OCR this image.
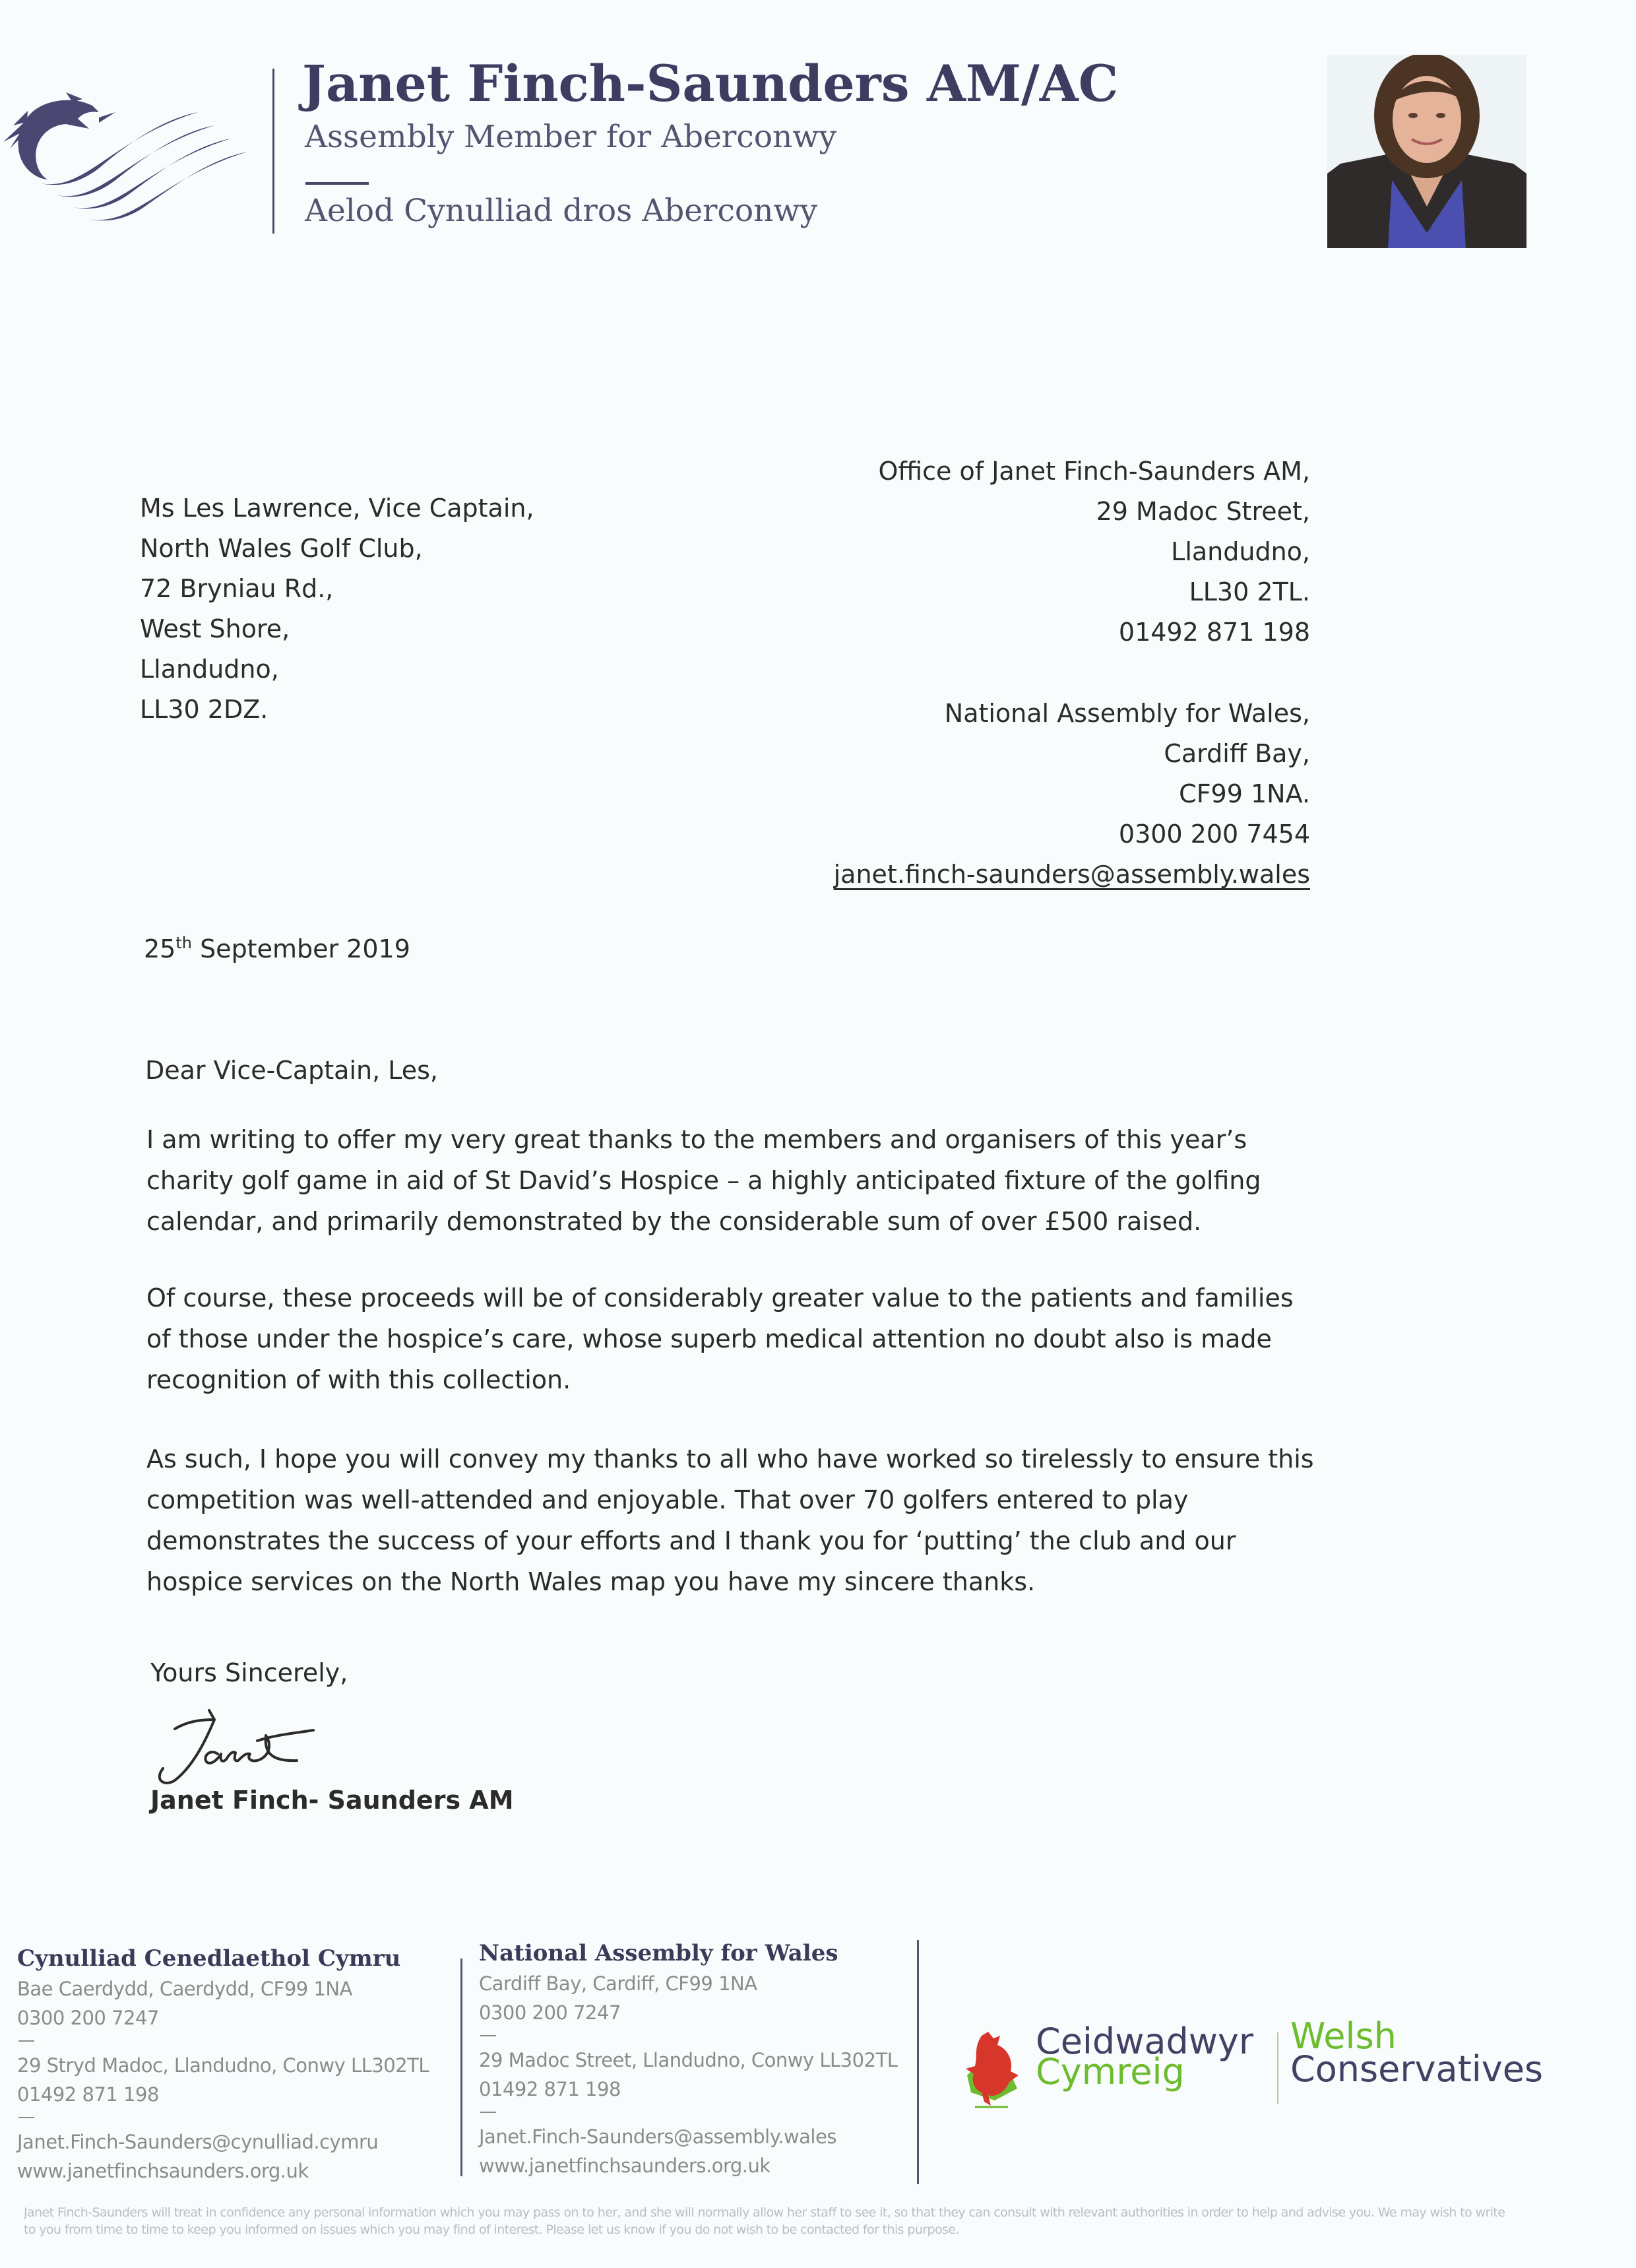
Janet Finch-Saunders AM/AC
Assembly Member for Aberconwy
Aelod Cynulliad dros Aberconwy
Ms Les Lawrence, Vice Captain,
North Wales Golf Club,
72 Bryniau Rd.,
West Shore,
Llandudno,
LL30 2DZ.
Office of Janet Finch-Saunders AM,
29 Madoc Street,
Llandudno,
LL30 2TL.
01492 871 198
National Assembly for Wales,
Cardiff Bay,
CF99 1NA.
0300 200 7454
janet.finch-saunders@assembly.wales
25th September 2019
Dear Vice-Captain, Les,
I am writing to offer my very great thanks to the members and organisers of this year’s
charity golf game in aid of St David’s Hospice – a highly anticipated fixture of the golfing
calendar, and primarily demonstrated by the considerable sum of over £500 raised.
Of course, these proceeds will be of considerably greater value to the patients and families
of those under the hospice’s care, whose superb medical attention no doubt also is made
recognition of with this collection.
As such, I hope you will convey my thanks to all who have worked so tirelessly to ensure this
competition was well-attended and enjoyable. That over 70 golfers entered to play
demonstrates the success of your efforts and I thank you for ‘putting’ the club and our
hospice services on the North Wales map you have my sincere thanks.
Yours Sincerely,
Janet Finch- Saunders AM
Cynulliad Cenedlaethol Cymru
Bae Caerdydd, Caerdydd, CF99 1NA
0300 200 7247
29 Stryd Madoc, Llandudno, Conwy LL302TL
01492 871 198
Janet.Finch-Saunders@cynulliad.cymru
www.janetfinchsaunders.org.uk
National Assembly for Wales
Cardiff Bay, Cardiff, CF99 1NA
0300 200 7247
29 Madoc Street, Llandudno, Conwy LL302TL
01492 871 198
Janet.Finch-Saunders@assembly.wales
www.janetfinchsaunders.org.uk
Ceidwadwyr
Cymreig
Welsh
Conservatives
Janet Finch-Saunders will treat in confidence any personal information which you may pass on to her, and she will normally allow her staff to see it, so that they can consult with relevant authorities in order to help and advise you. We may wish to write
to you from time to time to keep you informed on issues which you may find of interest. Please let us know if you do not wish to be contacted for this purpose.
